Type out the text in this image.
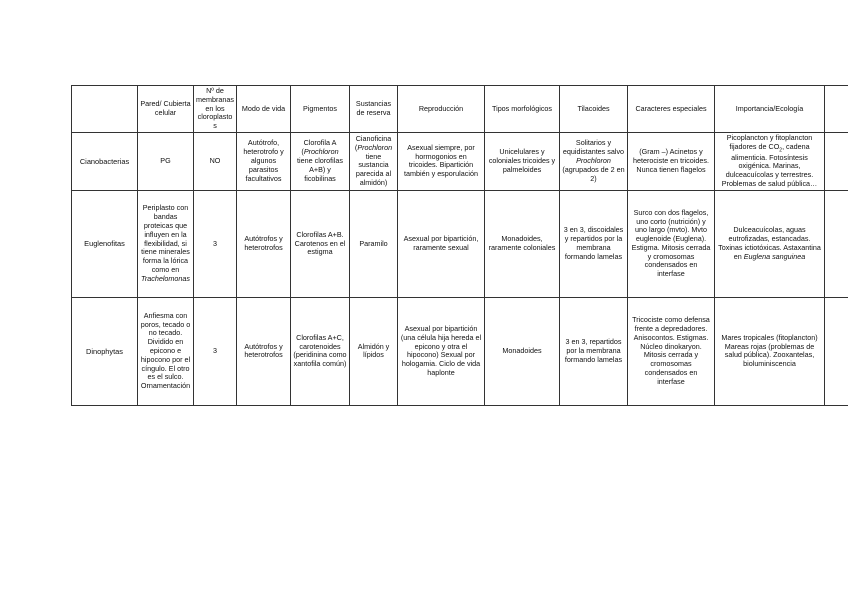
	Pared/ Cubierta celular	Nº de membranas en los cloroplastos	Modo de vida	Pigmentos	Sustancias de reserva	Reproducción	Tipos morfológicos	Tilacoides	Caracteres especiales	Importancia/Ecología	
Cianobacterias	PG	NO	Autótrofo, heterotrofo y algunos parasitos facultativos	Clorofila A (Prochloron tiene clorofilas A+B) y ficobilinas	Cianoficina (Prochloron tiene sustancia parecida al almidón)	Asexual siempre, por hormogonios en tricoides. Bipartición también y esporulación	Unicelulares y coloniales tricoides y palmeloides	Solitarios y equidistantes salvo Prochloron (agrupados de 2 en 2)	(Gram –) Acinetos y heterociste en tricoides. Nunca tienen flagelos	Picoplancton y fitoplancton fijadores de $CO_2$, cadena alimenticia. Fotosíntesis oxigénica. Marinas, dulceacuícolas y terrestres. Problemas de salud pública…	
Euglenofitas	Periplasto con bandas proteicas que influyen en la flexibilidad, si tiene minerales forma la lórica como en Trachelomonas	3	Autótrofos y heterotrofos	Clorofilas A+B. Carotenos en el estigma	Paramilo	Asexual por bipartición, raramente sexual	Monadoides, raramente coloniales	3 en 3, discoidales y repartidos por la membrana formando lamelas	Surco con dos flagelos, uno corto (nutrición) y uno largo (mvto). Mvto euglenoide (Euglena). Estigma. Mitosis cerrada y cromosomas condensados en interfase	Dulceacuícolas, aguas eutrofizadas, estancadas. Toxinas ictiotóxicas. Astaxantina en Euglena sanguinea	
Dinophytas	Anfiesma con poros, tecado o no tecado. Dividido en epicono e hipocono por el cíngulo. El otro es el sulco. Ornamentación	3	Autótrofos y heterotrofos	Clorofilas A+C, carotenoides (peridinina como xantofila común)	Almidón y lípidos	Asexual por bipartición (una célula hija hereda el epicono y otra el hipocono) Sexual por hologamia. Ciclo de vida haplonte	Monadoides	3 en 3, repartidos por la membrana formando lamelas	Tricociste como defensa frente a depredadores. Anisocontos. Estigmas. Núcleo dinokaryon. Mitosis cerrada y cromosomas condensados en interfase	Mares tropicales (fitoplancton) Mareas rojas (problemas de salud pública). Zooxantelas, bioluminiscencia	
